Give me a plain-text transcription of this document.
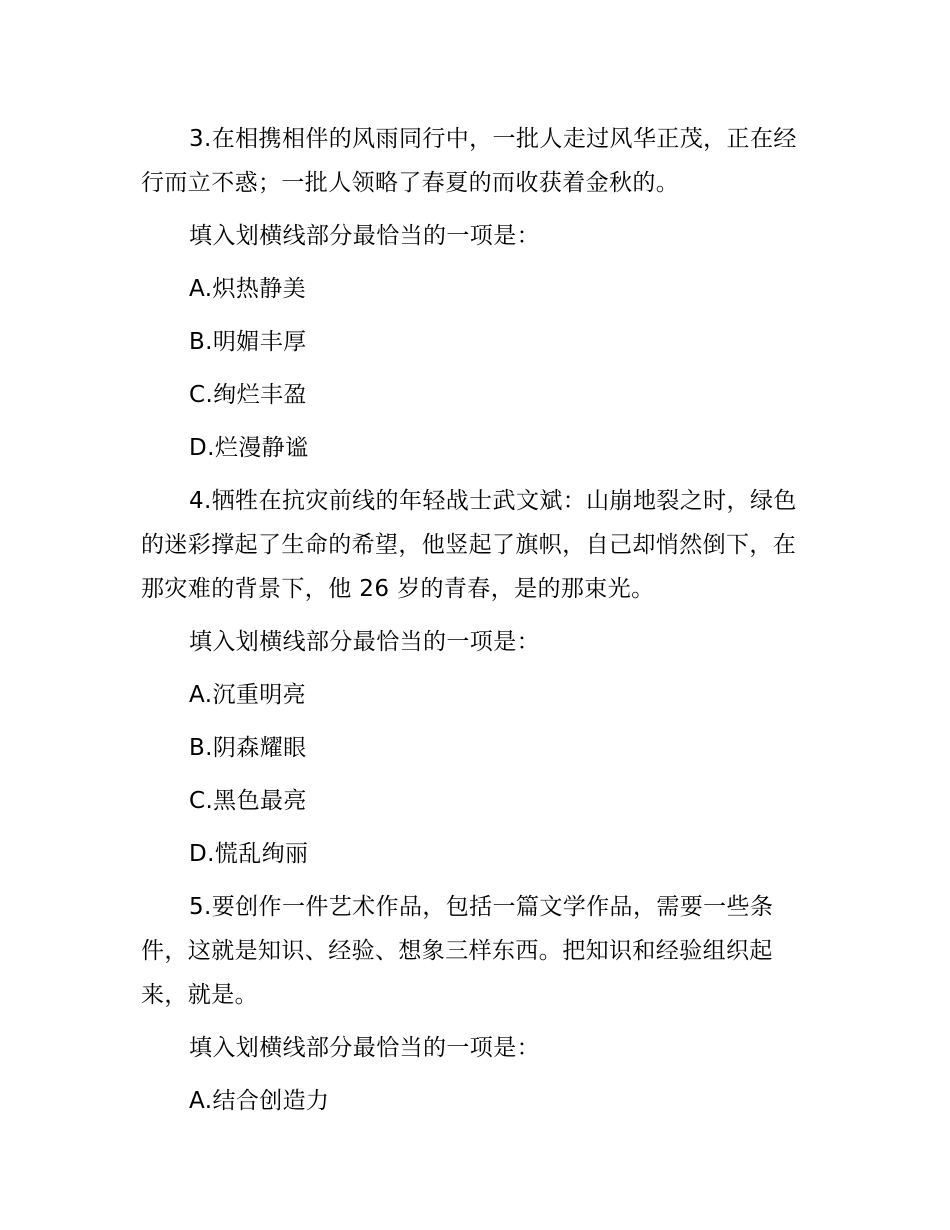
3.在相携相伴的风雨同行中，一批人走过风华正茂，正在经行而立不惑；一批人领略了春夏的而收获着金秋的。

填入划横线部分最恰当的一项是：

A.炽热静美

B.明媚丰厚

C.绚烂丰盈

D.烂漫静谧

4.牺牲在抗灾前线的年轻战士武文斌：山崩地裂之时，绿色的迷彩撑起了生命的希望，他竖起了旗帜，自己却悄然倒下，在那灾难的背景下，他 26 岁的青春，是的那束光。

填入划横线部分最恰当的一项是：

A.沉重明亮

B.阴森耀眼

C.黑色最亮

D.慌乱绚丽

5.要创作一件艺术作品，包括一篇文学作品，需要一些条件，这就是知识、经验、想象三样东西。把知识和经验组织起来，就是。

填入划横线部分最恰当的一项是：

A.结合创造力
